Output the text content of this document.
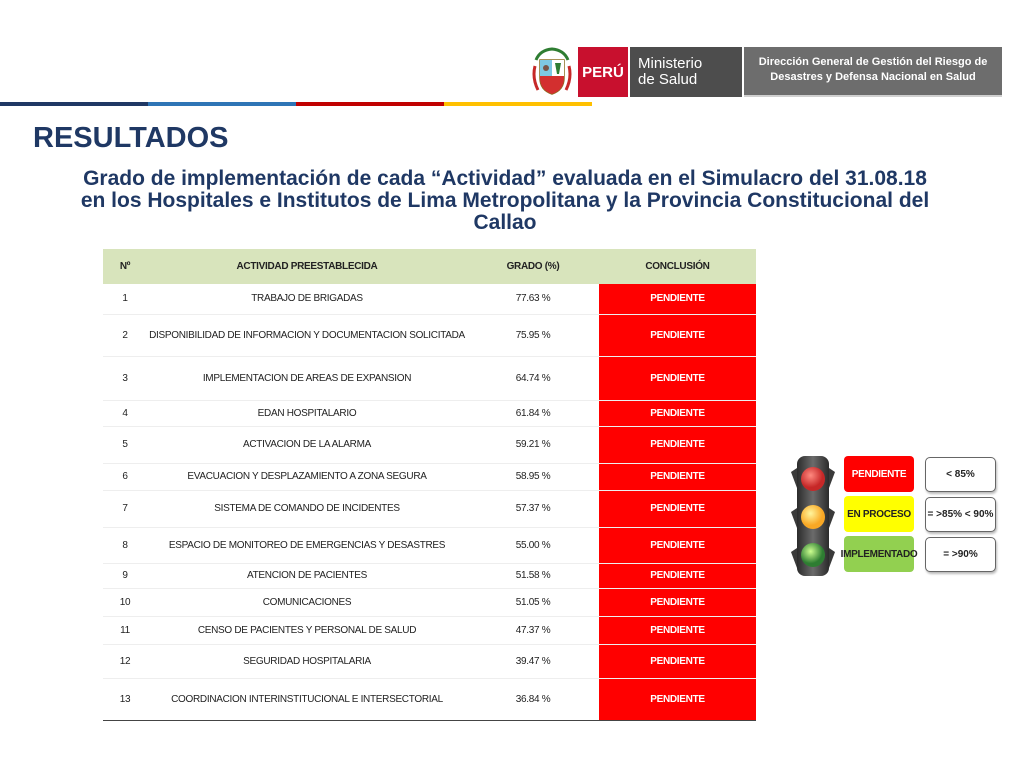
PERÚ Ministerio
de Salud
Dirección General de Gestión del Riesgo de Desastres y Defensa Nacional en Salud
RESULTADOS
Grado de implementación de cada “Actividad” evaluada en el Simulacro del 31.08.18 en los Hospitales e Institutos de Lima Metropolitana y la Provincia Constitucional del Callao
Nº	ACTIVIDAD PREESTABLECIDA	GRADO (%)	CONCLUSIÓN
1	TRABAJO DE BRIGADAS	77.63 %	PENDIENTE
2	DISPONIBILIDAD DE INFORMACION Y DOCUMENTACION SOLICITADA	75.95 %	PENDIENTE
3	IMPLEMENTACION DE AREAS DE EXPANSION	64.74 %	PENDIENTE
4	EDAN HOSPITALARIO	61.84 %	PENDIENTE
5	ACTIVACION DE LA ALARMA	59.21 %	PENDIENTE
6	EVACUACION Y DESPLAZAMIENTO A ZONA SEGURA	58.95 %	PENDIENTE
7	SISTEMA DE COMANDO DE INCIDENTES	57.37 %	PENDIENTE
8	ESPACIO DE MONITOREO DE EMERGENCIAS Y DESASTRES	55.00 %	PENDIENTE
9	ATENCION DE PACIENTES	51.58 %	PENDIENTE
10	COMUNICACIONES	51.05 %	PENDIENTE
11	CENSO DE PACIENTES Y PERSONAL DE SALUD	47.37 %	PENDIENTE
12	SEGURIDAD HOSPITALARIA	39.47 %	PENDIENTE
13	COORDINACION INTERINSTITUCIONAL E INTERSECTORIAL	36.84 %	PENDIENTE
PENDIENTE
EN PROCESO
IMPLEMENTADO
< 85%
= >85% < 90%
= >90%
